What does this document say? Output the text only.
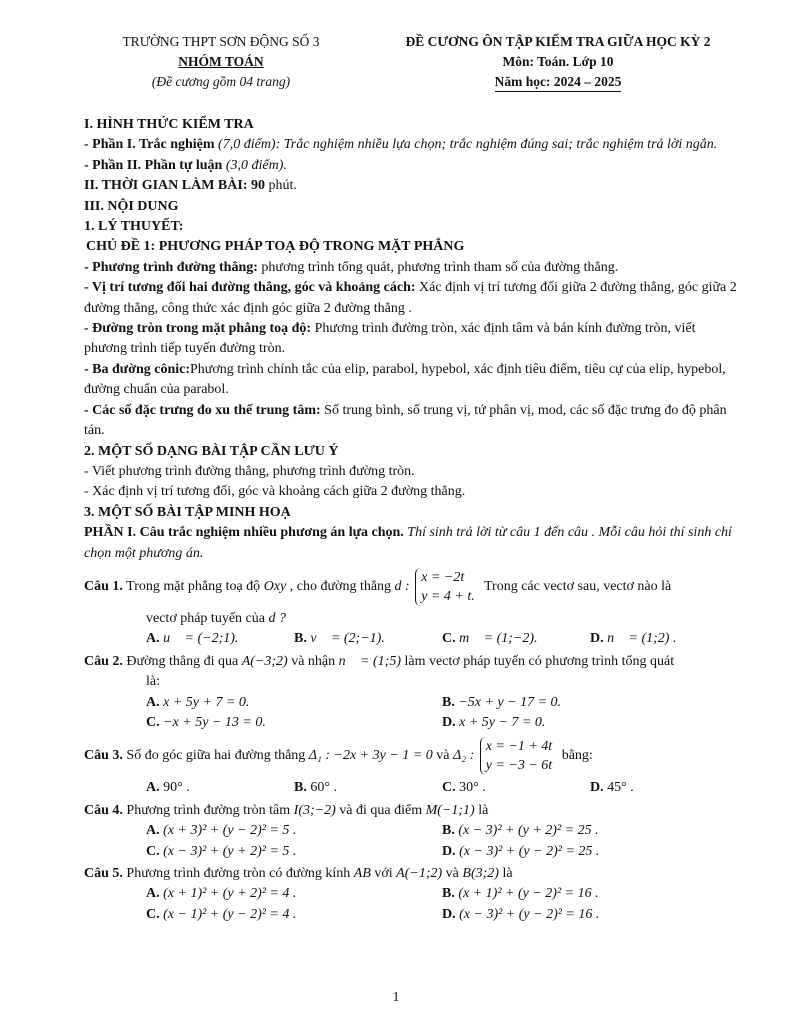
TRƯỜNG THPT SƠN ĐỘNG SỐ 3
NHÓM TOÁN
(Đề cương gồm 04 trang)
ĐỀ CƯƠNG ÔN TẬP KIỂM TRA GIỮA HỌC KỲ 2
Môn: Toán. Lớp 10
Năm học: 2024 – 2025

I. HÌNH THỨC KIỂM TRA

- Phần I. Trắc nghiệm (7,0 điểm): Trắc nghiệm nhiều lựa chọn; trắc nghiệm đúng sai; trắc nghiệm trả lời ngắn.

- Phần II. Phần tự luận (3,0 điểm).

II. THỜI GIAN LÀM BÀI: 90 phút.

III. NỘI DUNG

1. LÝ THUYẾT:

CHỦ ĐỀ 1: PHƯƠNG PHÁP TOẠ ĐỘ TRONG MẶT PHẲNG

- Phương trình đường thẳng: phương trình tổng quát, phương trình tham số của đường thẳng.

- Vị trí tương đối hai đường thẳng, góc và khoảng cách: Xác định vị trí tương đối giữa 2 đường thẳng, góc giữa 2 đường thẳng, công thức xác định góc giữa 2 đường thẳng .

- Đường tròn trong mặt phẳng toạ độ: Phương trình đường tròn, xác định tâm và bán kính đường tròn, viết phương trình tiếp tuyến đường tròn.

- Ba đường cônic:Phương trình chính tắc của elip, parabol, hypebol, xác định tiêu điểm, tiêu cự của elip, hypebol, đường chuẩn của parabol.

- Các số đặc trưng đo xu thế trung tâm: Số trung bình, số trung vị, tứ phân vị, mod, các số đặc trưng đo độ phân tán.

2. MỘT SỐ DẠNG BÀI TẬP CẦN LƯU Ý

- Viết phương trình đường thẳng, phương trình đường tròn.

- Xác định vị trí tương đối, góc và khoảng cách giữa 2 đường thẳng.

3. MỘT SỐ BÀI TẬP MINH HOẠ

PHẦN I. Câu trắc nghiệm nhiều phương án lựa chọn. Thí sinh trả lời từ câu 1 đến câu . Mỗi câu hỏi thí sinh chỉ chọn một phương án.

Câu 1. Trong mặt phẳng toạ độ Oxy , cho đường thẳng d : x = −2t
y = 4 + t. Trong các vectơ sau, vectơ nào là

vectơ pháp tuyến của d ?

A. u⃗ = (−2;1).	B. v⃗ = (2;−1).	C. m⃗ = (1;−2).	D. n⃗ = (1;2) .

Câu 2. Đường thẳng đi qua A(−3;2) và nhận n⃗ = (1;5) làm vectơ pháp tuyến có phương trình tổng quát

là:

A. x + 5y + 7 = 0.	B. −5x + y − 17 = 0.
C. −x + 5y − 13 = 0.	D. x + 5y − 7 = 0.

Câu 3. Số đo góc giữa hai đường thẳng Δ₁ : −2x + 3y − 1 = 0 và Δ₂ : x = −1 + 4t
y = −3 − 6t bằng:

A. 90° .	B. 60° .	C. 30° .	D. 45° .

Câu 4. Phương trình đường tròn tâm I(3;−2) và đi qua điểm M(−1;1) là

A. (x + 3)² + (y − 2)² = 5 .	B. (x − 3)² + (y + 2)² = 25 .
C. (x − 3)² + (y + 2)² = 5 .	D. (x − 3)² + (y − 2)² = 25 .

Câu 5. Phương trình đường tròn có đường kính AB với A(−1;2) và B(3;2) là

A. (x + 1)² + (y + 2)² = 4 .	B. (x + 1)² + (y − 2)² = 16 .
C. (x − 1)² + (y − 2)² = 4 .	D. (x − 3)² + (y − 2)² = 16 .
1
